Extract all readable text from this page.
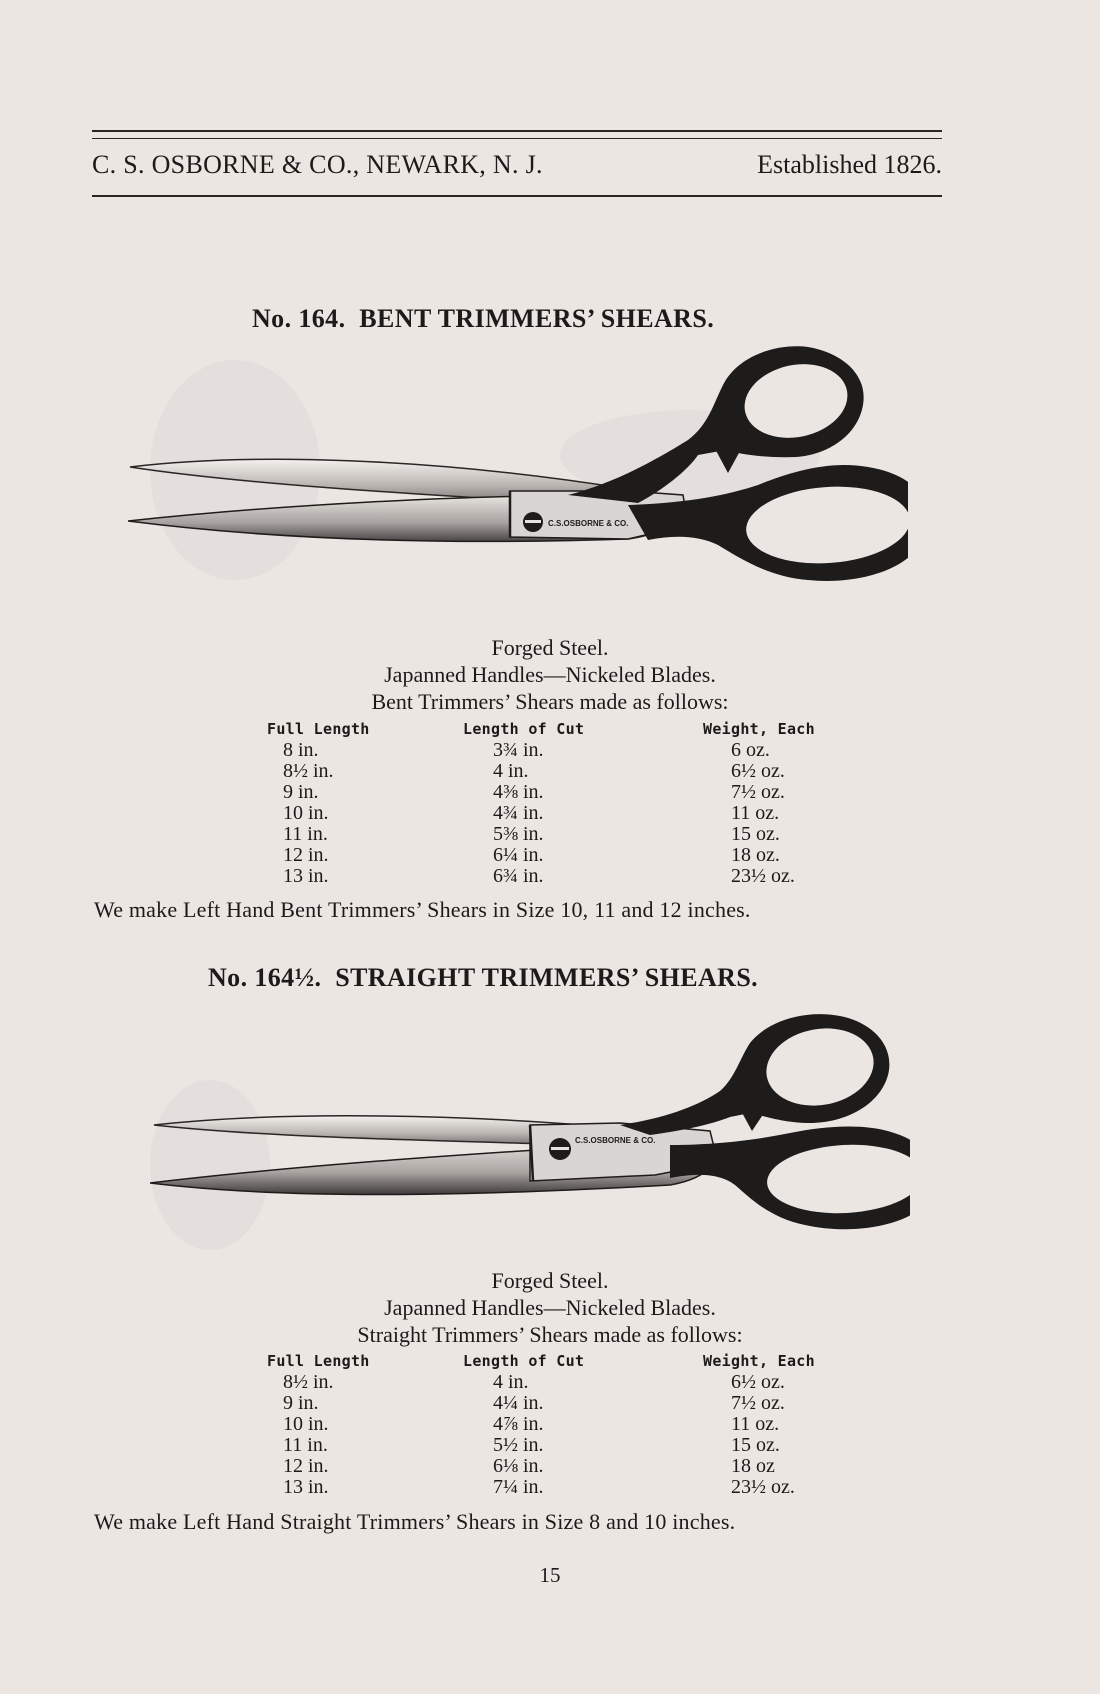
C. S. OSBORNE & CO., NEWARK, N. J.	Established 1826.
No. 164. BENT TRIMMERS’ SHEARS.
C.S.OSBORNE & CO.
Forged Steel.
Japanned Handles—Nickeled Blades.
Bent Trimmers’ Shears made as follows:
Full Length	Length of Cut	Weight, Each
8 in.	3¾ in.	6 oz.
8½ in.	4 in.	6½ oz.
9 in.	4⅜ in.	7½ oz.
10 in.	4¾ in.	11 oz.
11 in.	5⅜ in.	15 oz.
12 in.	6¼ in.	18 oz.
13 in.	6¾ in.	23½ oz.
We make Left Hand Bent Trimmers’ Shears in Size 10, 11 and 12 inches.
No. 164½. STRAIGHT TRIMMERS’ SHEARS.
C.S.OSBORNE & CO.
Forged Steel.
Japanned Handles—Nickeled Blades.
Straight Trimmers’ Shears made as follows:
Full Length	Length of Cut	Weight, Each
8½ in.	4 in.	6½ oz.
9 in.	4¼ in.	7½ oz.
10 in.	4⅞ in.	11 oz.
11 in.	5½ in.	15 oz.
12 in.	6⅛ in.	18 oz
13 in.	7¼ in.	23½ oz.
We make Left Hand Straight Trimmers’ Shears in Size 8 and 10 inches.
15
